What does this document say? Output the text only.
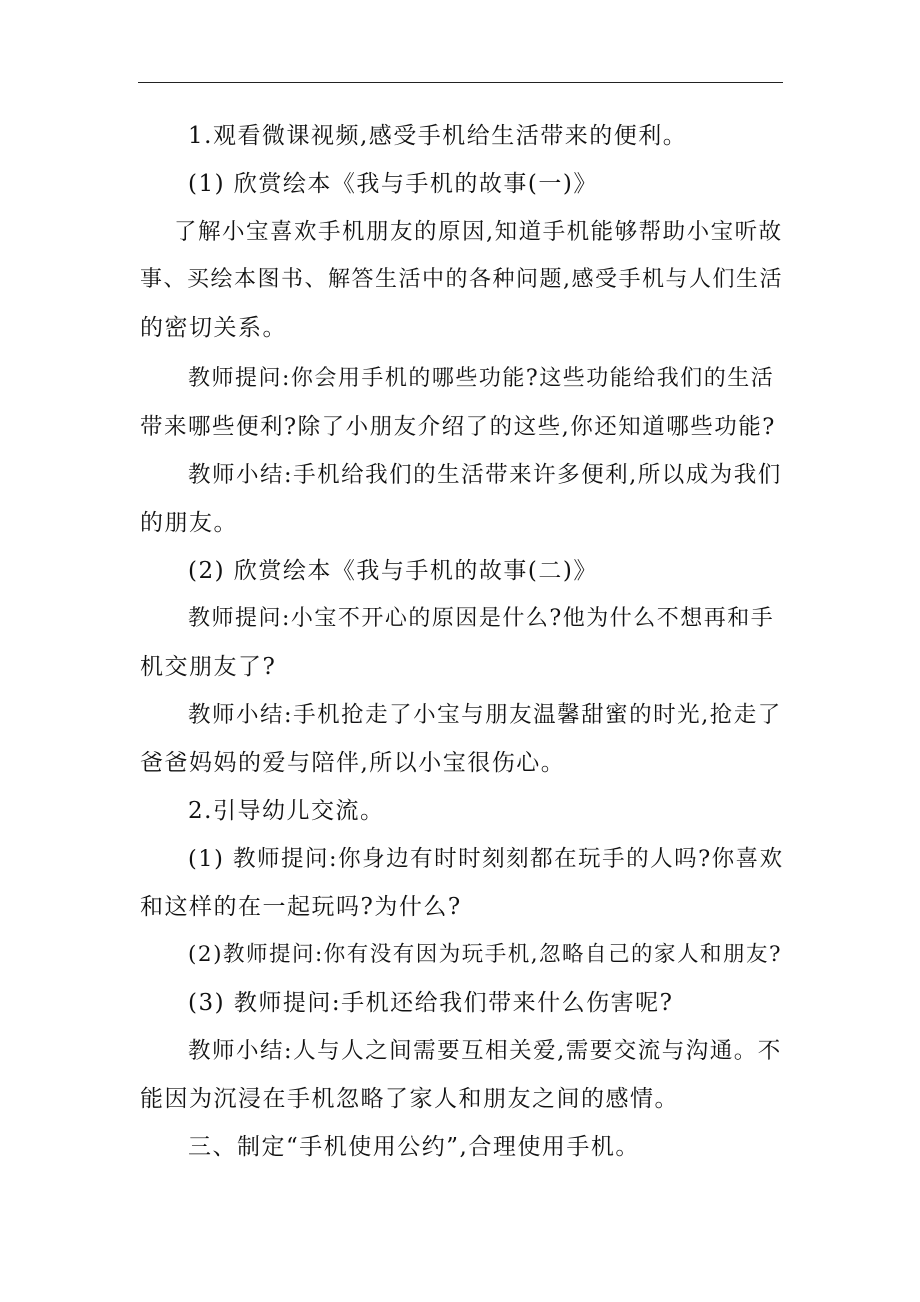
1.观看微课视频,感受手机给生活带来的便利。
(1) 欣赏绘本《我与手机的故事(一)》
了解小宝喜欢手机朋友的原因,知道手机能够帮助小宝听故
事、买绘本图书、解答生活中的各种问题,感受手机与人们生活
的密切关系。
教师提问:你会用手机的哪些功能?这些功能给我们的生活
带来哪些便利?除了小朋友介绍了的这些,你还知道哪些功能?
教师小结:手机给我们的生活带来许多便利,所以成为我们
的朋友。
(2) 欣赏绘本《我与手机的故事(二)》
教师提问:小宝不开心的原因是什么?他为什么不想再和手
机交朋友了?
教师小结:手机抢走了小宝与朋友温馨甜蜜的时光,抢走了
爸爸妈妈的爱与陪伴,所以小宝很伤心。
2.引导幼儿交流。
(1) 教师提问:你身边有时时刻刻都在玩手的人吗?你喜欢
和这样的在一起玩吗?为什么?
(2)教师提问:你有没有因为玩手机,忽略自己的家人和朋友?
(3) 教师提问:手机还给我们带来什么伤害呢?
教师小结:人与人之间需要互相关爱,需要交流与沟通。不
能因为沉浸在手机忽略了家人和朋友之间的感情。
三、制定“手机使用公约”,合理使用手机。
